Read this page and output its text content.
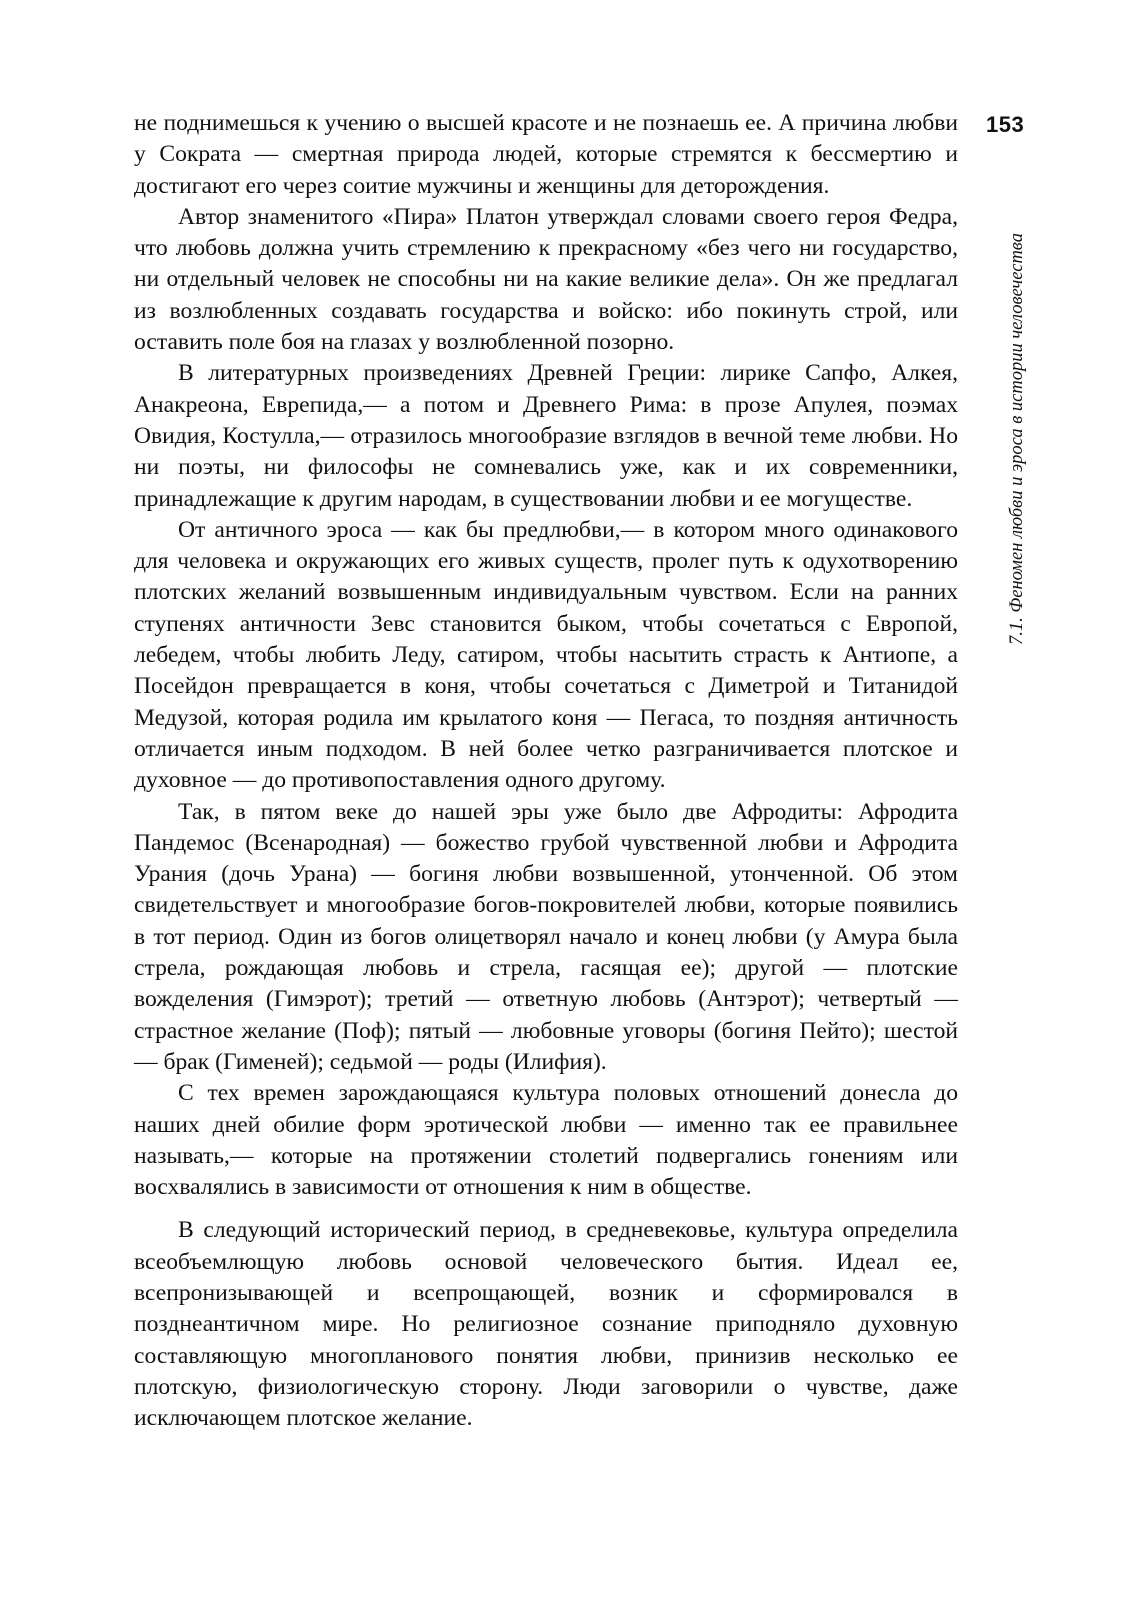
153
7.1. Феномен любви и эроса в истории человечества

не поднимешься к учению о высшей красоте и не познаешь ее. А причина любви у Сократа — смертная природа людей, которые стремятся к бессмертию и достигают его через соитие мужчины и женщины для деторождения.

Автор знаменитого «Пира» Платон утверждал словами своего героя Федра, что любовь должна учить стремлению к прекрасному «без чего ни государство, ни отдельный человек не способны ни на какие великие дела». Он же предлагал из возлюбленных создавать государства и войско: ибо покинуть строй, или оставить поле боя на глазах у возлюбленной позорно.

В литературных произведениях Древней Греции: лирике Сапфо, Алкея, Анакреона, Еврепида,— а потом и Древнего Рима: в прозе Апулея, поэмах Овидия, Костулла,— отразилось многообразие взглядов в вечной теме любви. Но ни поэты, ни философы не сомневались уже, как и их современники, принадлежащие к другим народам, в существовании любви и ее могуществе.

От античного эроса — как бы предлюбви,— в котором много одинакового для человека и окружающих его живых существ, пролег путь к одухотворению плотских желаний возвышенным индивидуальным чувством. Если на ранних ступенях античности Зевс становится быком, чтобы сочетаться с Европой, лебедем, чтобы любить Леду, сатиром, чтобы насытить страсть к Антиопе, а Посейдон превращается в коня, чтобы сочетаться с Диметрой и Титанидой Медузой, которая родила им крылатого коня — Пегаса, то поздняя античность отличается иным подходом. В ней более четко разграничивается плотское и духовное — до противопоставления одного другому.

Так, в пятом веке до нашей эры уже было две Афродиты: Афродита Пандемос (Всенародная) — божество грубой чувственной любви и Афродита Урания (дочь Урана) — богиня любви возвышенной, утонченной. Об этом свидетельствует и многообразие богов-покровителей любви, которые появились в тот период. Один из богов олицетворял начало и конец любви (у Амура была стрела, рождающая любовь и стрела, гасящая ее); другой — плотские вожделения (Гимэрот); третий — ответную любовь (Антэрот); четвертый — страстное желание (Поф); пятый — любовные уговоры (богиня Пейто); шестой — брак (Гименей); седьмой — роды (Илифия).

С тех времен зарождающаяся культура половых отношений донесла до наших дней обилие форм эротической любви — именно так ее правильнее называть,— которые на протяжении столетий подвергались гонениям или восхвалялись в зависимости от отношения к ним в обществе.

В следующий исторический период, в средневековье, культура определила всеобъемлющую любовь основой человеческого бытия. Идеал ее, всепронизывающей и всепрощающей, возник и сформировался в позднеантичном мире. Но религиозное сознание приподняло духовную составляющую многопланового понятия любви, принизив несколько ее плотскую, физиологическую сторону. Люди заговорили о чувстве, даже исключающем плотское желание.
